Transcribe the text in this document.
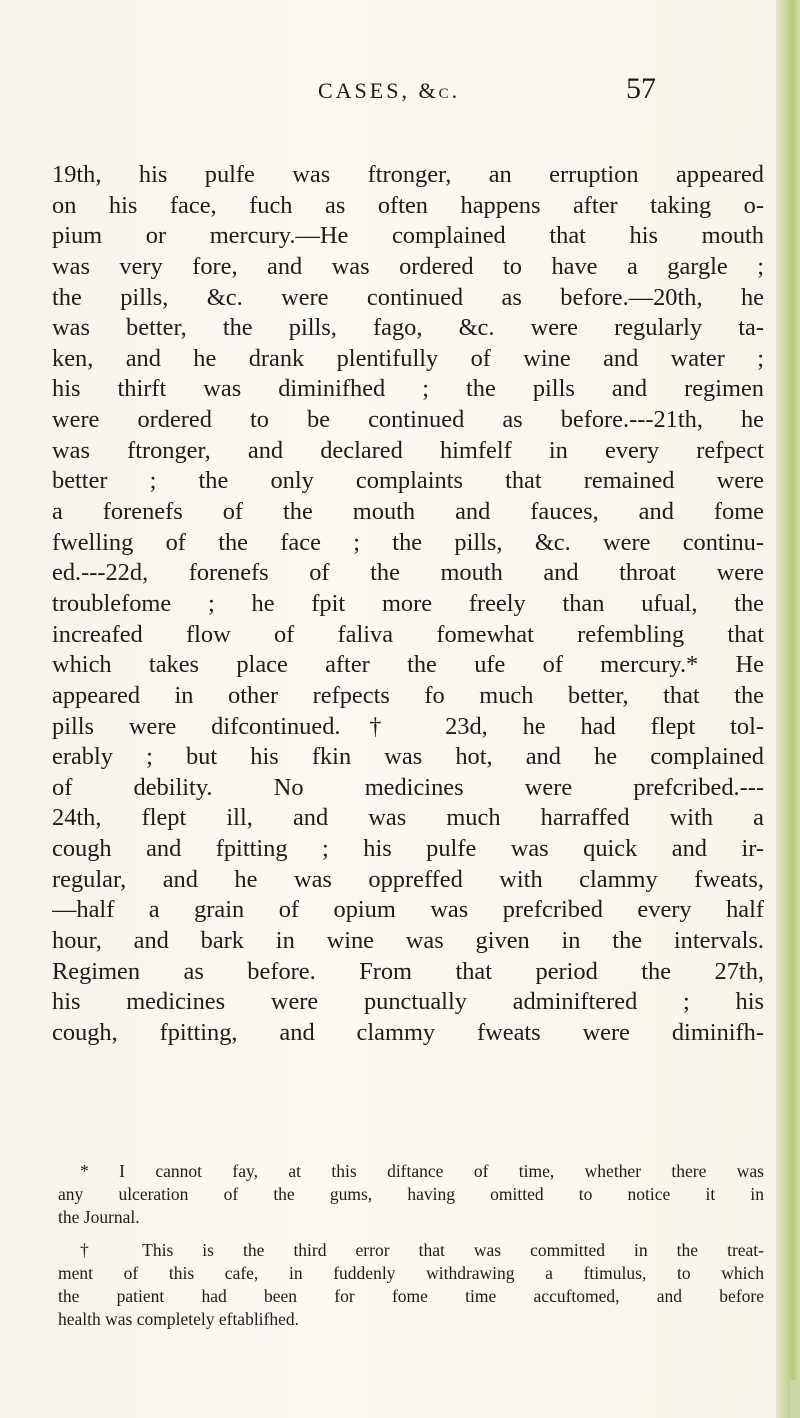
CASES, &c.	57
19th, his pulfe was ftronger, an erruption appeared
on his face, fuch as often happens after taking o-
pium or mercury.—He complained that his mouth
was very fore, and was ordered to have a gargle ;
the pills, &c. were continued as before.—20th, he
was better, the pills, fago, &c. were regularly ta-
ken, and he drank plentifully of wine and water ;
his thirft was diminifhed ; the pills and regimen
were ordered to be continued as before.---21th, he
was ftronger, and declared himfelf in every refpect
better ; the only complaints that remained were
a forenefs of the mouth and fauces, and fome
fwelling of the face ; the pills, &c. were continu-
ed.---22d, forenefs of the mouth and throat were
troublefome ; he fpit more freely than ufual, the
increafed flow of faliva fomewhat refembling that
which takes place after the ufe of mercury.* He
appeared in other refpects fo much better, that the
pills were difcontinued.† 23d, he had flept tol-
erably ; but his fkin was hot, and he complained
of debility. No medicines were prefcribed.---
24th, flept ill, and was much harraffed with a
cough and fpitting ; his pulfe was quick and ir-
regular, and he was oppreffed with clammy fweats,
—half a grain of opium was prefcribed every half
hour, and bark in wine was given in the intervals.
Regimen as before. From that period the 27th,
his medicines were punctually adminiftered ; his
cough, fpitting, and clammy fweats were diminifh-
* I cannot fay, at this diftance of time, whether there was
any ulceration of the gums, having omitted to notice it in
the Journal.
† This is the third error that was committed in the treat-
ment of this cafe, in fuddenly withdrawing a ftimulus, to which
the patient had been for fome time accuftomed, and before
health was completely eftablifhed.
